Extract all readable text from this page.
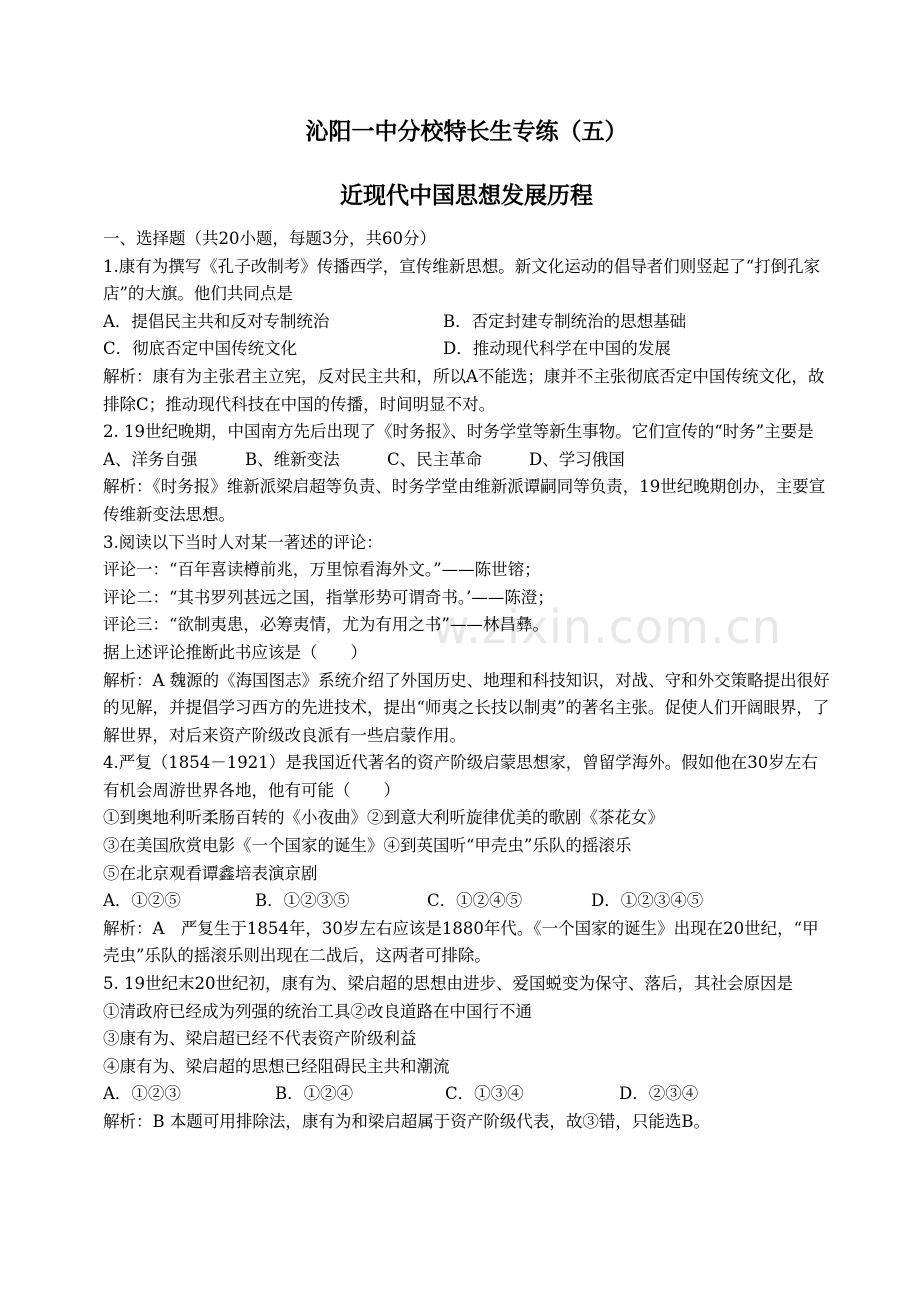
w.zixin.com.cn
沁阳一中分校特长生专练（五）
近现代中国思想发展历程
一、选择题（共20小题，每题3分，共60分）
1.康有为撰写《孔子改制考》传播西学，宣传维新思想。新文化运动的倡导者们则竖起了“打倒孔家店”的大旗。他们共同点是
A．提倡民主共和反对专制统治	B．否定封建专制统治的思想基础
C．彻底否定中国传统文化	D．推动现代科学在中国的发展
解析：康有为主张君主立宪，反对民主共和，所以A不能选；康并不主张彻底否定中国传统文化，故排除C；推动现代科技在中国的传播，时间明显不对。
2. 19世纪晚期，中国南方先后出现了《时务报》、时务学堂等新生事物。它们宣传的“时务”主要是
A、洋务自强	B、维新变法	C、民主革命	D、学习俄国
解析：《时务报》维新派梁启超等负责、时务学堂由维新派谭嗣同等负责，19世纪晚期创办，主要宣传维新变法思想。
3.阅读以下当时人对某一著述的评论：
评论一：“百年喜读樽前兆，万里惊看海外文。”——陈世镕；
评论二：“其书罗列甚远之国，指掌形势可谓奇书。’——陈澄；
评论三：“欲制夷患，必筹夷情，尤为有用之书”——林昌彝。
据上述评论推断此书应该是（　　）
解析：A 魏源的《海国图志》系统介绍了外国历史、地理和科技知识，对战、守和外交策略提出很好的见解，并提倡学习西方的先进技术，提出“师夷之长技以制夷”的著名主张。促使人们开阔眼界，了解世界，对后来资产阶级改良派有一些启蒙作用。
4.严复（1854－1921）是我国近代著名的资产阶级启蒙思想家，曾留学海外。假如他在30岁左右有机会周游世界各地，他有可能（　　）
①到奥地利听柔肠百转的《小夜曲》②到意大利听旋律优美的歌剧《茶花女》
③在美国欣赏电影《一个国家的诞生》④到英国听“甲壳虫”乐队的摇滚乐
⑤在北京观看谭鑫培表演京剧
A．①②⑤	B．①②③⑤	C．①②④⑤	D．①②③④⑤
解析：A　严复生于1854年，30岁左右应该是1880年代。《一个国家的诞生》出现在20世纪，“甲壳虫”乐队的摇滚乐则出现在二战后，这两者可排除。
5. 19世纪末20世纪初，康有为、梁启超的思想由进步、爱国蜕变为保守、落后，其社会原因是
①清政府已经成为列强的统治工具②改良道路在中国行不通
③康有为、梁启超已经不代表资产阶级利益
④康有为、梁启超的思想已经阻碍民主共和潮流
A．①②③	B．①②④	C．①③④	D．②③④
解析：B 本题可用排除法，康有为和梁启超属于资产阶级代表，故③错，只能选B。
